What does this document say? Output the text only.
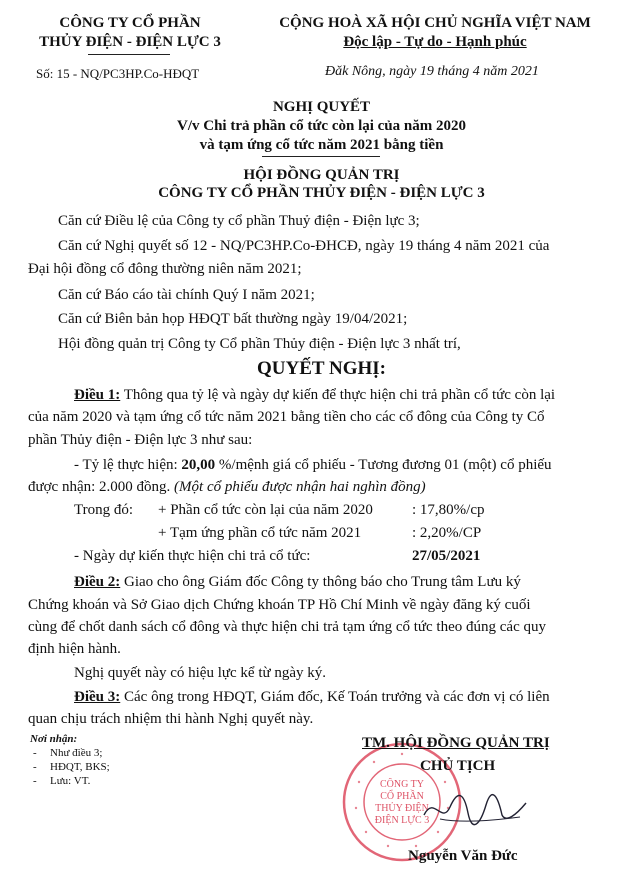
CÔNG TY CỔ PHẦN
THỦY ĐIỆN - ĐIỆN LỰC 3
CỘNG HOÀ XÃ HỘI CHỦ NGHĨA VIỆT NAM
Độc lập - Tự do - Hạnh phúc
Số: 15 - NQ/PC3HP.Co-HĐQT	Đăk Nông, ngày 19 tháng 4 năm 2021
NGHỊ QUYẾT
V/v Chi trả phần cổ tức còn lại của năm 2020
và tạm ứng cổ tức năm 2021 bằng tiền
HỘI ĐỒNG QUẢN TRỊ
CÔNG TY CỔ PHẦN THỦY ĐIỆN - ĐIỆN LỰC 3
Căn cứ Điều lệ của Công ty cổ phần Thuỷ điện - Điện lực 3;
Căn cứ Nghị quyết số 12 - NQ/PC3HP.Co-ĐHCĐ, ngày 19 tháng 4 năm 2021 của
Đại hội đồng cổ đông thường niên năm 2021;
Căn cứ Báo cáo tài chính Quý I năm 2021;
Căn cứ Biên bản họp HĐQT bất thường ngày 19/04/2021;
Hội đồng quản trị Công ty Cổ phần Thủy điện - Điện lực 3 nhất trí,
QUYẾT NGHỊ:
Điều 1: Thông qua tỷ lệ và ngày dự kiến để thực hiện chi trả phần cổ tức còn lại
của năm 2020 và tạm ứng cổ tức năm 2021 bằng tiền cho các cổ đông của Công ty Cổ
phần Thủy điện - Điện lực 3 như sau:
- Tỷ lệ thực hiện: 20,00 %/mệnh giá cổ phiếu - Tương đương 01 (một) cổ phiếu
được nhận: 2.000 đồng. (Một cổ phiếu được nhận hai nghìn đồng)
Trong đó: + Phần cổ tức còn lại của năm 2020	: 17,80%/cp
+ Tạm ứng phần cổ tức năm 2021	: 2,20%/CP
- Ngày dự kiến thực hiện chi trả cổ tức:	27/05/2021
Điều 2: Giao cho ông Giám đốc Công ty thông báo cho Trung tâm Lưu ký
Chứng khoán và Sở Giao dịch Chứng khoán TP Hồ Chí Minh về ngày đăng ký cuối
cùng để chốt danh sách cổ đông và thực hiện chi trả tạm ứng cổ tức theo đúng các quy
định hiện hành.
Nghị quyết này có hiệu lực kể từ ngày ký.
Điều 3: Các ông trong HĐQT, Giám đốc, Kế Toán trưởng và các đơn vị có liên
quan chịu trách nhiệm thi hành Nghị quyết này.
Nơi nhận:
- Như điều 3;
- HĐQT, BKS;
- Lưu: VT.	CÔNG TY
CỔ PHẦN
THỦY ĐIỆN
ĐIỆN LỰC 3
TM. HỘI ĐỒNG QUẢN TRỊ
CHỦ TỊCH
Nguyễn Văn Đức
